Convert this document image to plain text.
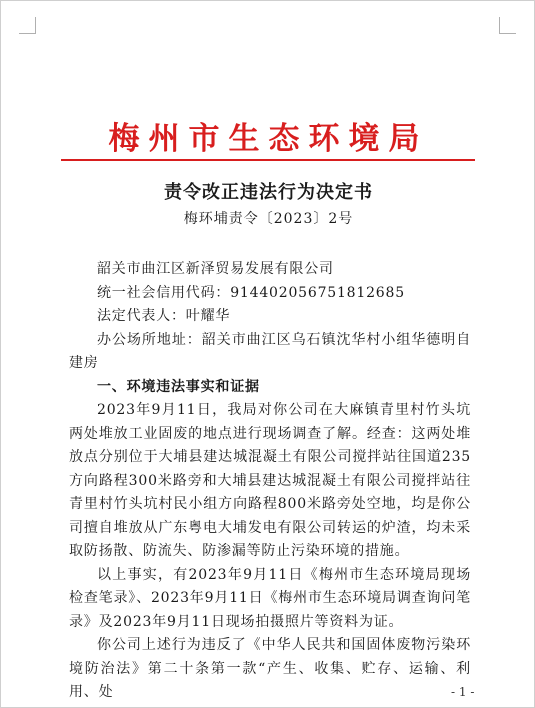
梅州市生态环境局
责令改正违法行为决定书
梅环埔责令〔2023〕2号
韶关市曲江区新泽贸易发展有限公司
统一社会信用代码：91440205675181268​5
法定代表人：叶耀华
办公场所地址：韶关市曲江区乌石镇沈华村小组华德明自建房
一、环境违法事实和证据
2023年9月11日，我局对你公司在大麻镇青里村竹头坑两处堆放工业固废的地点进行现场调查了解。经查：这两处堆放点分别位于大埔县建达城混凝土有限公司搅拌站往国道235方向路程300米路旁和大埔县建达城混凝土有限公司搅拌站往青里村竹头坑村民小组方向路程800米路旁处空地，均是你公司擅自堆放从广东粤电大埔发电有限公司转运的炉渣，均未采取防扬散、防流失、防渗漏等防止污染环境的措施。
以上事实，有2023年9月11日《梅州市生态环境局现场检查笔录》、2023年9月11日《梅州市生态环境局调查询问笔录》及2023年9月11日现场拍摄照片等资料为证。
你公司上述行为违反了《中华人民共和国固体废物污染环境防治法》第二十条第一款“产生、收集、贮存、运输、利用、处	- 1 -
